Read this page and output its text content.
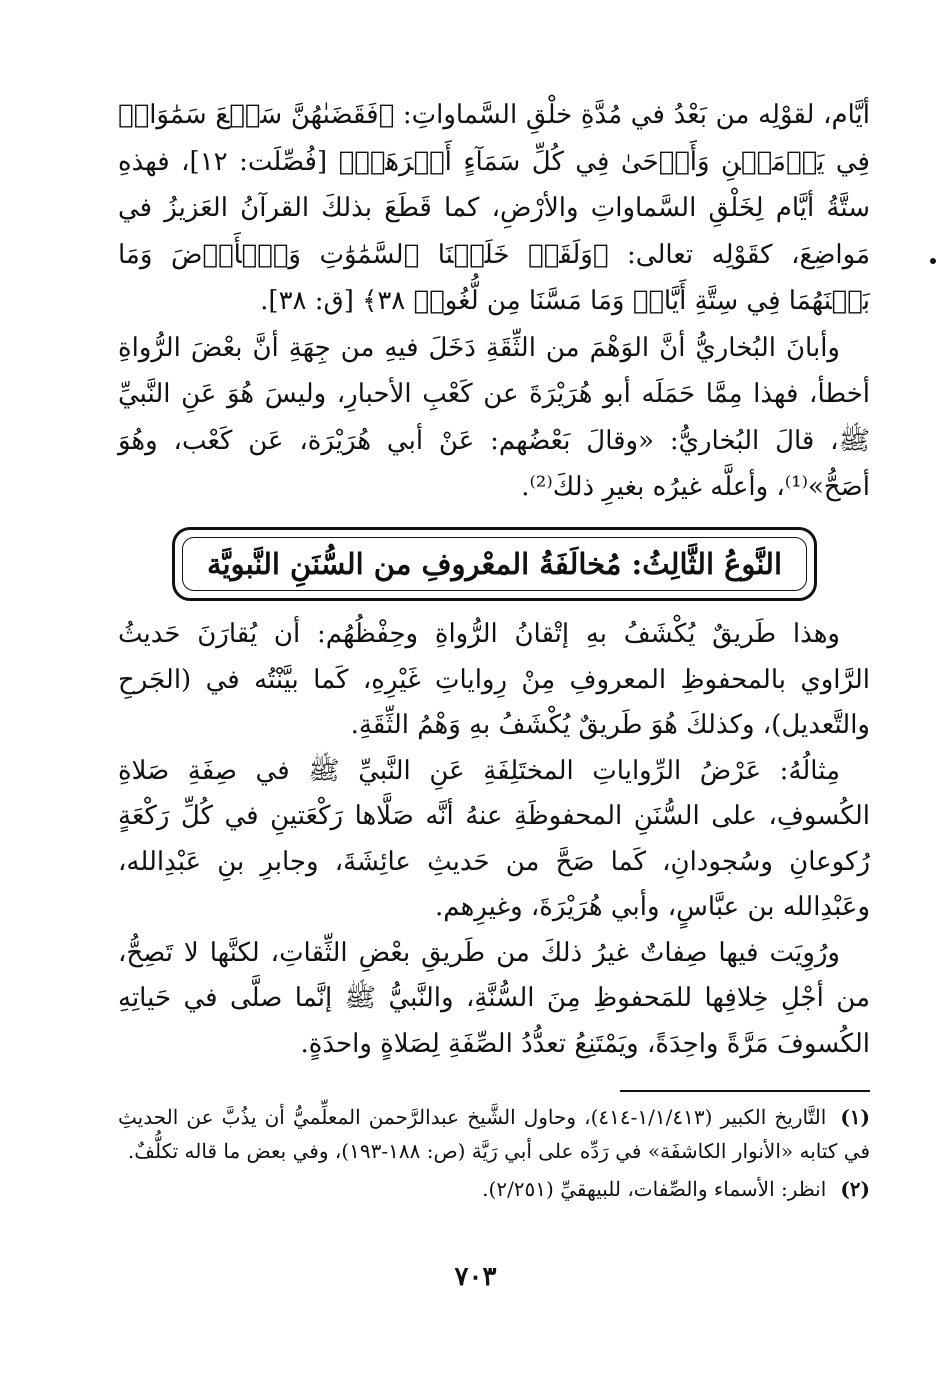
أيَّام، لقوْلِه من بَعْدُ في مُدَّةِ خلْقِ السَّماواتِ: ﴿فَقَضَىٰهُنَّ سَبۡعَ سَمَٰوَاتٖ فِي يَوۡمَيۡنِ وَأَوۡحَىٰ فِي كُلِّ سَمَآءٍ أَمۡرَهَاۚ﴾ [فُصِّلَت: ١٢]، فهذهِ ستَّةُ أيَّام لِخَلْقِ السَّماواتِ والأرْضِ، كما قَطَعَ بذلكَ القرآنُ العَزيزُ في مَواضِعَ، كقَوْلِه تعالى: ﴿وَلَقَدۡ خَلَقۡنَا ٱلسَّمَٰوَٰتِ وَٱلۡأَرۡضَ وَمَا بَيۡنَهُمَا فِي سِتَّةِ أَيَّامٖ وَمَا مَسَّنَا مِن لُّغُوبٖ ٣٨﴾ [ق: ٣٨].

وأبانَ البُخاريُّ أنَّ الوَهْمَ من الثِّقَةِ دَخَلَ فيهِ من جِهَةِ أنَّ بعْضَ الرُّواةِ أخطأ، فهذا مِمَّا حَمَلَه أبو هُرَيْرَةَ عن كَعْبِ الأحبارِ، وليسَ هُوَ عَنِ النَّبيِّ ﷺ، قالَ البُخاريُّ: «وقالَ بَعْضُهم: عَنْ أبي هُرَيْرَة، عَن كَعْب، وهُوَ أصَحُّ»⁽¹⁾، وأعلَّه غيرُه بغيرِ ذلكَ⁽²⁾.

النَّوعُ الثَّالِثُ: مُخالَفَةُ المعْروفِ من السُّنَنِ النَّبويَّة

وهذا طَريقٌ يُكْشَفُ بهِ إتْقانُ الرُّواةِ وحِفْظُهُم: أن يُقارَنَ حَديثُ الرَّاوي بالمحفوظِ المعروفِ مِنْ رِواياتِ غَيْرِهِ، كَما بيَّنْتُه في (الجَرحِ والتَّعديل)، وكذلكَ هُوَ طَريقٌ يُكْشَفُ بهِ وَهْمُ الثِّقَةِ.

مِثالُهُ: عَرْضُ الرِّواياتِ المختَلِفَةِ عَنِ النَّبيِّ ﷺ في صِفَةِ صَلاةِ الكُسوفِ، على السُّنَنِ المحفوظَةِ عنهُ أنَّه صَلَّاها رَكْعَتينِ في كُلِّ رَكْعَةٍ رُكوعانِ وسُجودانِ، كَما صَحَّ من حَديثِ عائِشَةَ، وجابرِ بنِ عَبْدِالله، وعَبْدِالله بن عبَّاسٍ، وأبي هُرَيْرَةَ، وغيرِهم.

ورُوِيَت فيها صِفاتٌ غيرُ ذلكَ من طَريقِ بعْضِ الثِّقاتِ، لكنَّها لا تَصِحُّ، من أجْلِ خِلافِها للمَحفوظِ مِنَ السُّنَّةِ، والنَّبيُّ ﷺ إنَّما صلَّى في حَياتِهِ الكُسوفَ مَرَّةً واحِدَةً، ويَمْتَنِعُ تعدُّدُ الصِّفَةِ لِصَلاةٍ واحدَةٍ.

(١)التَّاريخ الكبير (١/١/٤١٣-٤١٤)، وحاول الشَّيخ عبدالرَّحمن المعلِّميُّ أن يذُبَّ عن الحديثِ في كتابه «الأنوار الكاشفَة» في رَدِّه على أبي رَيَّة (ص: ١٨٨-١٩٣)، وفي بعض ما قاله تكلُّفٌ.

(٢)انظر: الأسماء والصِّفات، للبيهقيِّ (٢/٢٥١).

٧٠٣
